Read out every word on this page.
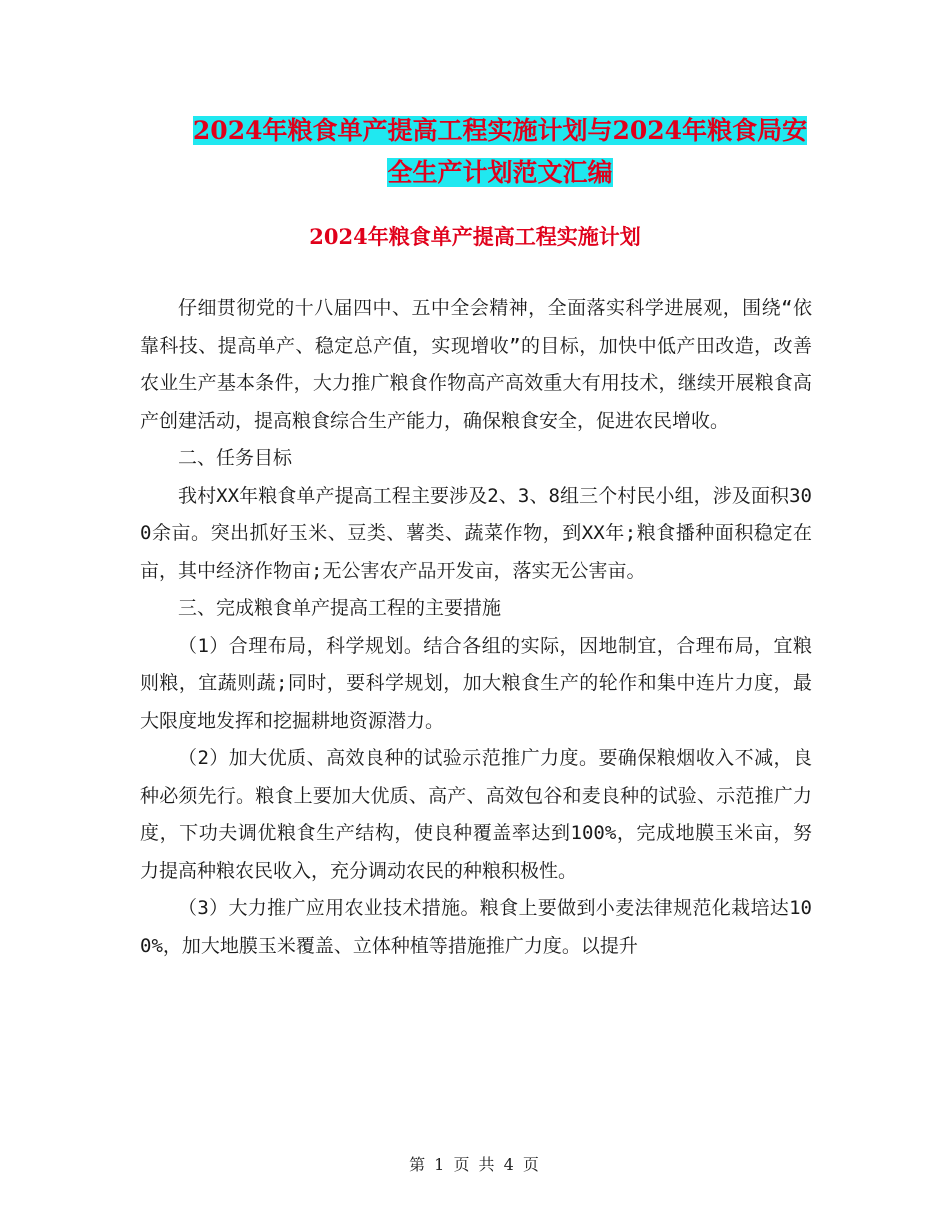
2024年粮食单产提高工程实施计划与2024年粮食局安
全生产计划范文汇编
2024年粮食单产提高工程实施计划

仔细贯彻党的十八届四中、五中全会精神，全面落实科学进展观，围绕“依靠科技、提高单产、稳定总产值，实现增收”的目标，加快中低产田改造，改善农业生产基本条件，大力推广粮食作物高产高效重大有用技术，继续开展粮食高产创建活动，提高粮食综合生产能力，确保粮食安全，促进农民增收。

二、任务目标

我村XX年粮食单产提高工程主要涉及2、3、8组三个村民小组，涉及面积300余亩。突出抓好玉米、豆类、薯类、蔬菜作物，到XX年;粮食播种面积稳定在亩，其中经济作物亩;无公害农产品开发亩，落实无公害亩。

三、完成粮食单产提高工程的主要措施

（1）合理布局，科学规划。结合各组的实际，因地制宜，合理布局，宜粮则粮，宜蔬则蔬;同时，要科学规划，加大粮食生产的轮作和集中连片力度，最大限度地发挥和挖掘耕地资源潜力。

（2）加大优质、高效良种的试验示范推广力度。要确保粮烟收入不减，良种必须先行。粮食上要加大优质、高产、高效包谷和麦良种的试验、示范推广力度，下功夫调优粮食生产结构，使良种覆盖率达到100%，完成地膜玉米亩，努力提高种粮农民收入，充分调动农民的种粮积极性。

（3）大力推广应用农业技术措施。粮食上要做到小麦法律规范化栽培达100%，加大地膜玉米覆盖、立体种植等措施推广力度。以提升

第 1 页 共 4 页
